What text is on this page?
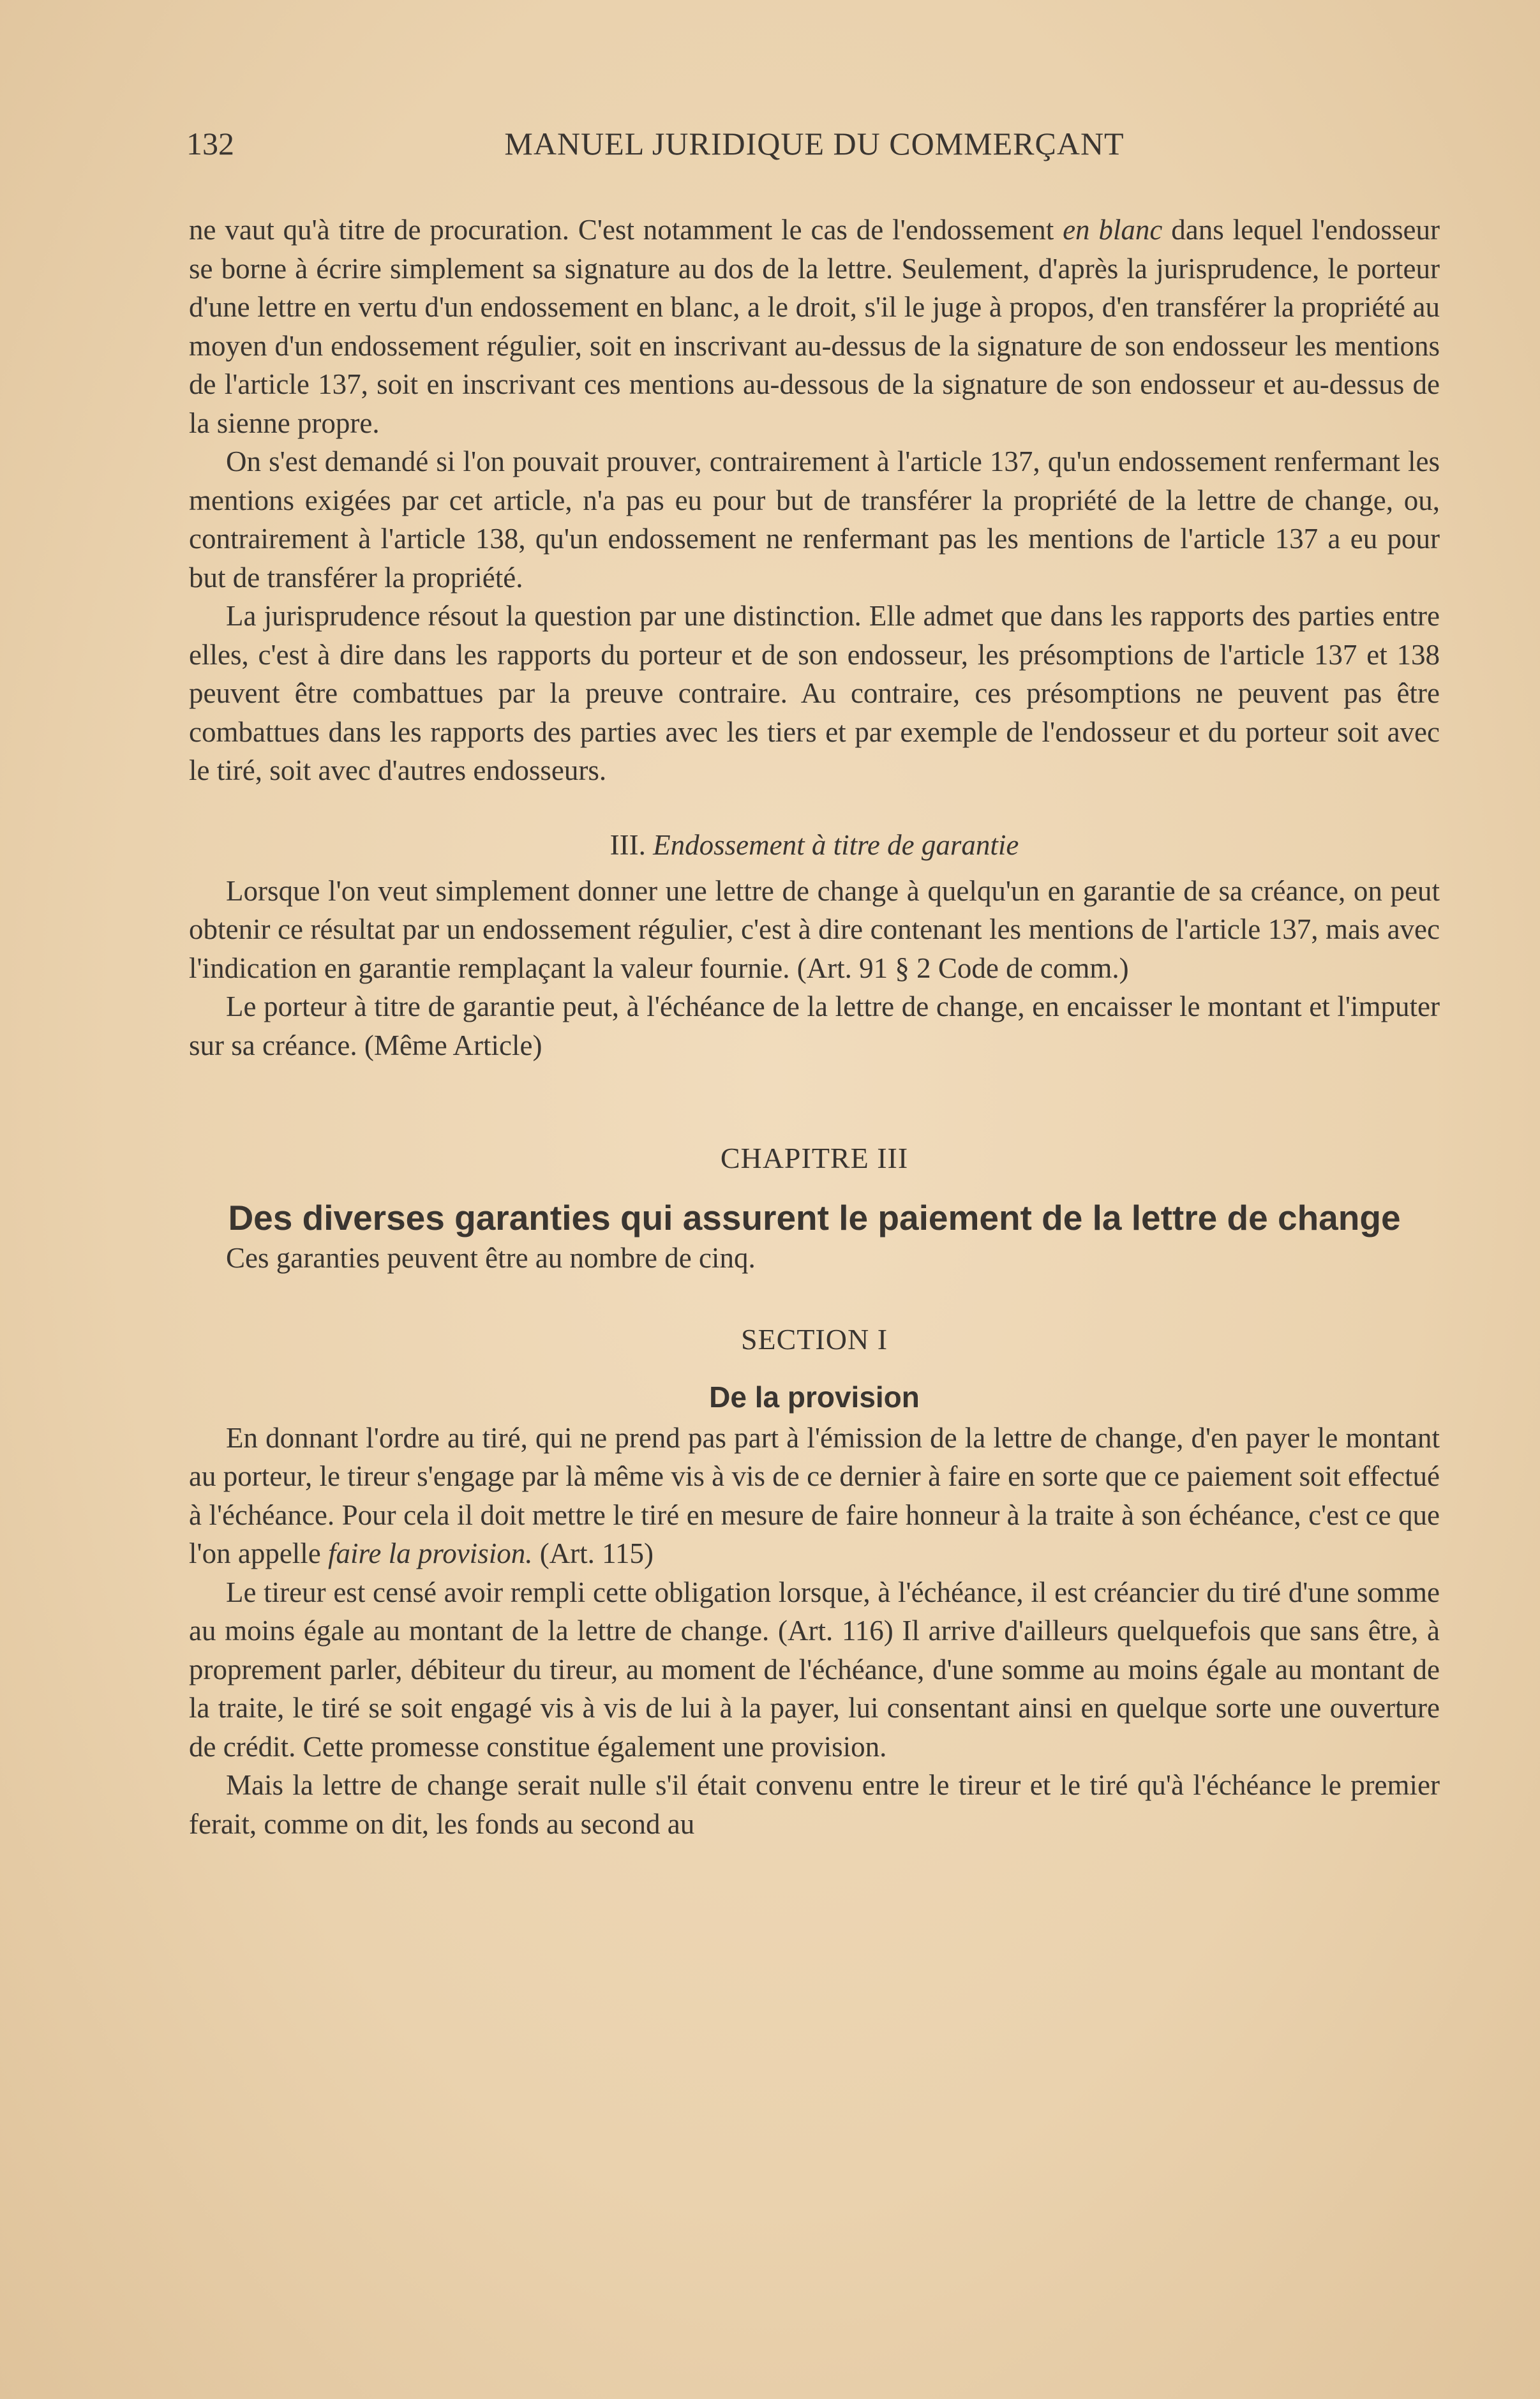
132	MANUEL JURIDIQUE DU COMMERÇANT

ne vaut qu'à titre de procuration. C'est notamment le cas de l'endossement en blanc dans lequel l'endosseur se borne à écrire simplement sa signature au dos de la lettre. Seulement, d'après la jurisprudence, le porteur d'une lettre en vertu d'un endossement en blanc, a le droit, s'il le juge à propos, d'en transférer la propriété au moyen d'un endossement régulier, soit en inscrivant au-dessus de la signature de son endosseur les mentions de l'article 137, soit en inscrivant ces mentions au-dessous de la signature de son endosseur et au-dessus de la sienne propre.

On s'est demandé si l'on pouvait prouver, contrairement à l'article 137, qu'un endossement renfermant les mentions exigées par cet article, n'a pas eu pour but de transférer la propriété de la lettre de change, ou, contrairement à l'article 138, qu'un endossement ne renfermant pas les mentions de l'article 137 a eu pour but de transférer la propriété.

La jurisprudence résout la question par une distinction. Elle admet que dans les rapports des parties entre elles, c'est à dire dans les rapports du porteur et de son endosseur, les présomptions de l'article 137 et 138 peuvent être combattues par la preuve contraire. Au contraire, ces présomptions ne peuvent pas être combattues dans les rapports des parties avec les tiers et par exemple de l'endosseur et du porteur soit avec le tiré, soit avec d'autres endosseurs.

III. Endossement à titre de garantie

Lorsque l'on veut simplement donner une lettre de change à quelqu'un en garantie de sa créance, on peut obtenir ce résultat par un endossement régulier, c'est à dire contenant les mentions de l'article 137, mais avec l'indication en garantie remplaçant la valeur fournie. (Art. 91 § 2 Code de comm.)

Le porteur à titre de garantie peut, à l'échéance de la lettre de change, en encaisser le montant et l'imputer sur sa créance. (Même Article)

CHAPITRE III
Des diverses garanties qui assurent le paiement de la lettre de change

Ces garanties peuvent être au nombre de cinq.

SECTION I
De la provision

En donnant l'ordre au tiré, qui ne prend pas part à l'émission de la lettre de change, d'en payer le montant au porteur, le tireur s'engage par là même vis à vis de ce dernier à faire en sorte que ce paiement soit effectué à l'échéance. Pour cela il doit mettre le tiré en mesure de faire honneur à la traite à son échéance, c'est ce que l'on appelle faire la provision. (Art. 115)

Le tireur est censé avoir rempli cette obligation lorsque, à l'échéance, il est créancier du tiré d'une somme au moins égale au montant de la lettre de change. (Art. 116) Il arrive d'ailleurs quelquefois que sans être, à proprement parler, débiteur du tireur, au moment de l'échéance, d'une somme au moins égale au montant de la traite, le tiré se soit engagé vis à vis de lui à la payer, lui consentant ainsi en quelque sorte une ouverture de crédit. Cette promesse constitue également une provision.

Mais la lettre de change serait nulle s'il était convenu entre le tireur et le tiré qu'à l'échéance le premier ferait, comme on dit, les fonds au second au
